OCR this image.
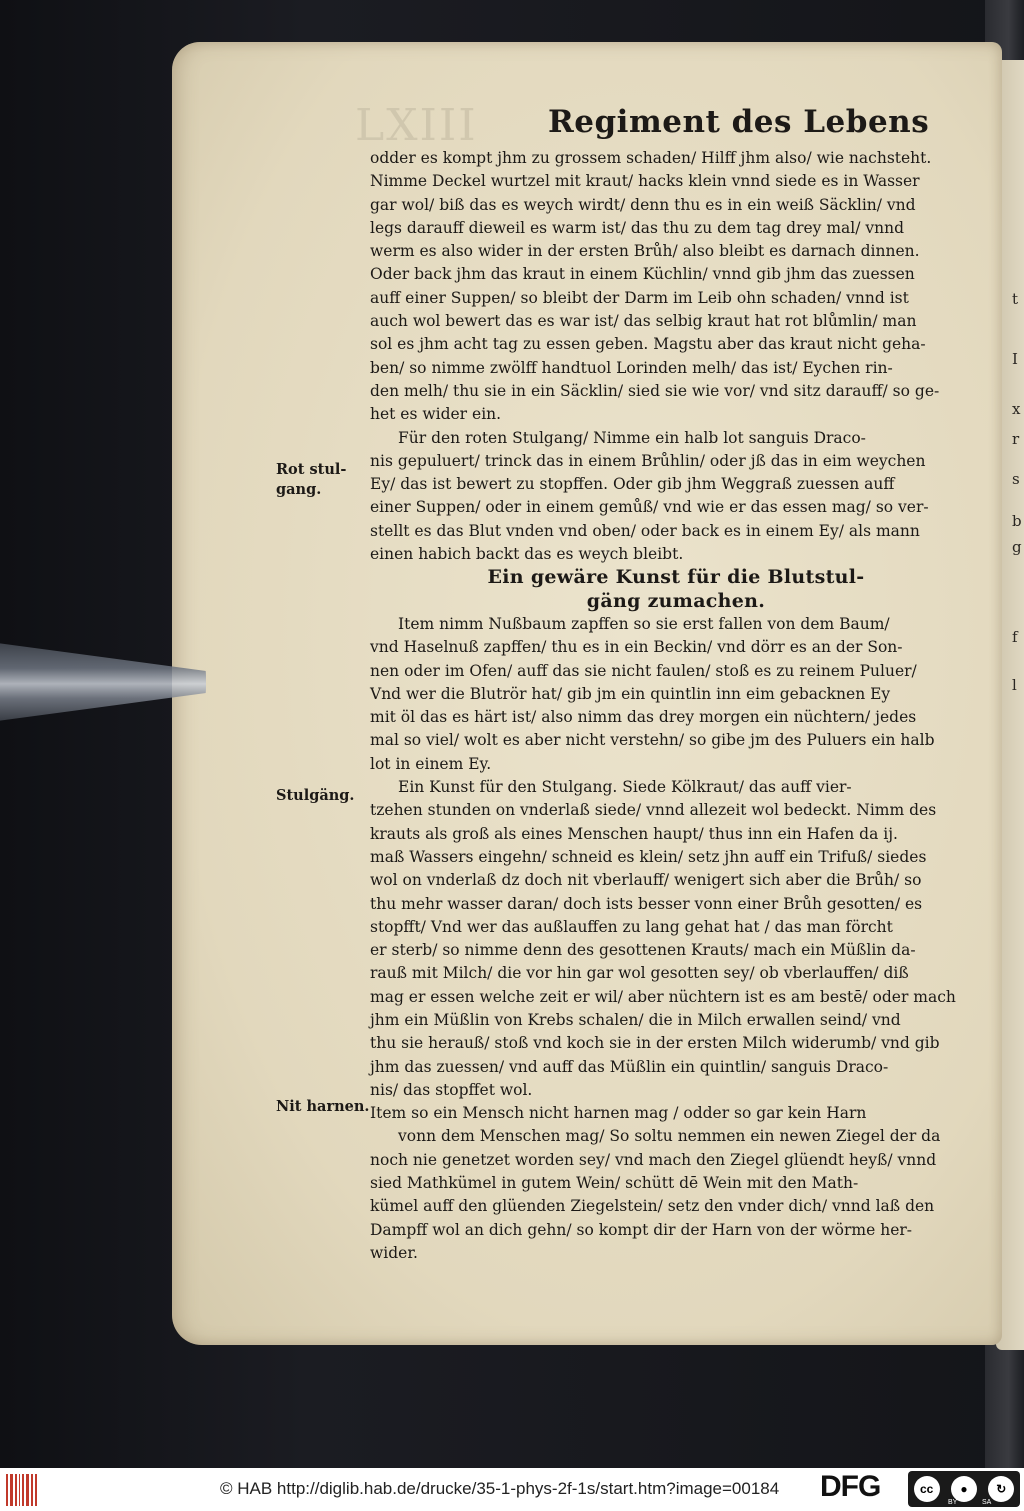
t
I
x
r
s
b
g
f
l
LXIII Regiment des Lebens
Rot stul-
gang.
Stulgäng.
Nit harnen.
odder es kompt jhm zu grossem schaden/ Hilff jhm also/ wie nachsteht.
Nimme Deckel wurtzel mit kraut/ hacks klein vnnd siede es in Wasser
gar wol/ biß das es weych wirdt/ denn thu es in ein weiß Säcklin/ vnd
legs darauff dieweil es warm ist/ das thu zu dem tag drey mal/ vnnd
werm es also wider in der ersten Brůh/ also bleibt es darnach dinnen.
Oder back jhm das kraut in einem Küchlin/ vnnd gib jhm das zuessen
auff einer Suppen/ so bleibt der Darm im Leib ohn schaden/ vnnd ist
auch wol bewert das es war ist/ das selbig kraut hat rot blůmlin/ man
sol es jhm acht tag zu essen geben. Magstu aber das kraut nicht geha-
ben/ so nimme zwölff handtuol Lorinden melh/ das ist/ Eychen rin-
den melh/ thu sie in ein Säcklin/ sied sie wie vor/ vnd sitz darauff/ so ge-
het es wider ein.
Für den roten Stulgang/ Nimme ein halb lot sanguis Draco-
nis gepuluert/ trinck das in einem Brůhlin/ oder jß das in eim weychen
Ey/ das ist bewert zu stopffen. Oder gib jhm Weggraß zuessen auff
einer Suppen/ oder in einem gemůß/ vnd wie er das essen mag/ so ver-
stellt es das Blut vnden vnd oben/ oder back es in einem Ey/ als mann
einen habich backt das es weych bleibt.
Ein gewäre Kunst für die Blutstul-
gäng zumachen.
Item nimm Nußbaum zapffen so sie erst fallen von dem Baum/
vnd Haselnuß zapffen/ thu es in ein Beckin/ vnd dörr es an der Son-
nen oder im Ofen/ auff das sie nicht faulen/ stoß es zu reinem Puluer/
Vnd wer die Blutrör hat/ gib jm ein quintlin inn eim gebacknen Ey
mit öl das es härt ist/ also nimm das drey morgen ein nüchtern/ jedes
mal so viel/ wolt es aber nicht verstehn/ so gibe jm des Puluers ein halb
lot in einem Ey.
Ein Kunst für den Stulgang. Siede Kölkraut/ das auff vier-
tzehen stunden on vnderlaß siede/ vnnd allezeit wol bedeckt. Nimm des
krauts als groß als eines Menschen haupt/ thus inn ein Hafen da ij.
maß Wassers eingehn/ schneid es klein/ setz jhn auff ein Trifuß/ siedes
wol on vnderlaß dz doch nit vberlauff/ wenigert sich aber die Brůh/ so
thu mehr wasser daran/ doch ists besser vonn einer Brůh gesotten/ es
stopfft/ Vnd wer das außlauffen zu lang gehat hat / das man förcht
er sterb/ so nimme denn des gesottenen Krauts/ mach ein Müßlin da-
rauß mit Milch/ die vor hin gar wol gesotten sey/ ob vberlauffen/ diß
mag er essen welche zeit er wil/ aber nüchtern ist es am bestē/ oder mach
jhm ein Müßlin von Krebs schalen/ die in Milch erwallen seind/ vnd
thu sie herauß/ stoß vnd koch sie in der ersten Milch widerumb/ vnd gib
jhm das zuessen/ vnd auff das Müßlin ein quintlin/ sanguis Draco-
nis/ das stopffet wol.
Item so ein Mensch nicht harnen mag / odder so gar kein Harn
vonn dem Menschen mag/ So soltu nemmen ein newen Ziegel der da
noch nie genetzet worden sey/ vnd mach den Ziegel glüendt heyß/ vnnd
sied Mathkümel in gutem Wein/ schütt dē Wein mit den Math-
kümel auff den glüenden Ziegelstein/ setz den vnder dich/ vnnd laß den
Dampff wol an dich gehn/ so kompt dir der Harn von der wörme her-
wider.
© HAB http://diglib.hab.de/drucke/35-1-phys-2f-1s/start.htm?image=00184 DFG	cc	●	↻
BY	SA
